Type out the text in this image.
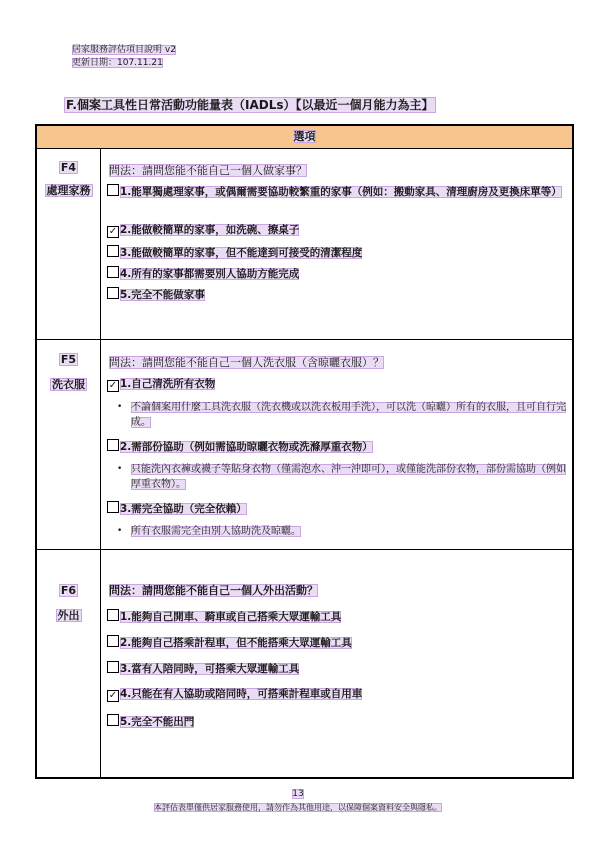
居家服務評估項目說明 v2
更新日期：107.11.21
F.個案工具性日常活動功能量表（IADLs）【以最近一個月能力為主】
選項
F4
處理家務
問法：請問您能不能自己一個人做家事？
1.能單獨處理家事，或偶爾需要協助較繁重的家事（例如：搬動家具、清理廚房及更換床單等）
✓ 2.能做較簡單的家事，如洗碗、擦桌子
3.能做較簡單的家事，但不能達到可接受的清潔程度
4.所有的家事都需要別人協助方能完成
5.完全不能做家事
F5
洗衣服
問法：請問您能不能自己一個人洗衣服（含晾曬衣服）？
✓ 1.自己清洗所有衣物
• 不論個案用什麼工具洗衣服（洗衣機或以洗衣板用手洗），可以洗（晾曬）所有的衣服，且可自行完成。
2.需部份協助（例如需協助晾曬衣物或洗滌厚重衣物）
• 只能洗內衣褲或襪子等貼身衣物（僅需泡水、沖一沖即可），或僅能洗部份衣物，部份需協助（例如厚重衣物）。
3.需完全協助（完全依賴）
• 所有衣服需完全由別人協助洗及晾曬。
F6
外出
問法：請問您能不能自己一個人外出活動？
1.能夠自己開車、騎車或自己搭乘大眾運輸工具
2.能夠自己搭乘計程車，但不能搭乘大眾運輸工具
3.當有人陪同時，可搭乘大眾運輸工具
✓ 4.只能在有人協助或陪同時，可搭乘計程車或自用車
5.完全不能出門
13
本評估表單僅供居家服務使用，請勿作為其他用途，以保障個案資料安全與隱私。
